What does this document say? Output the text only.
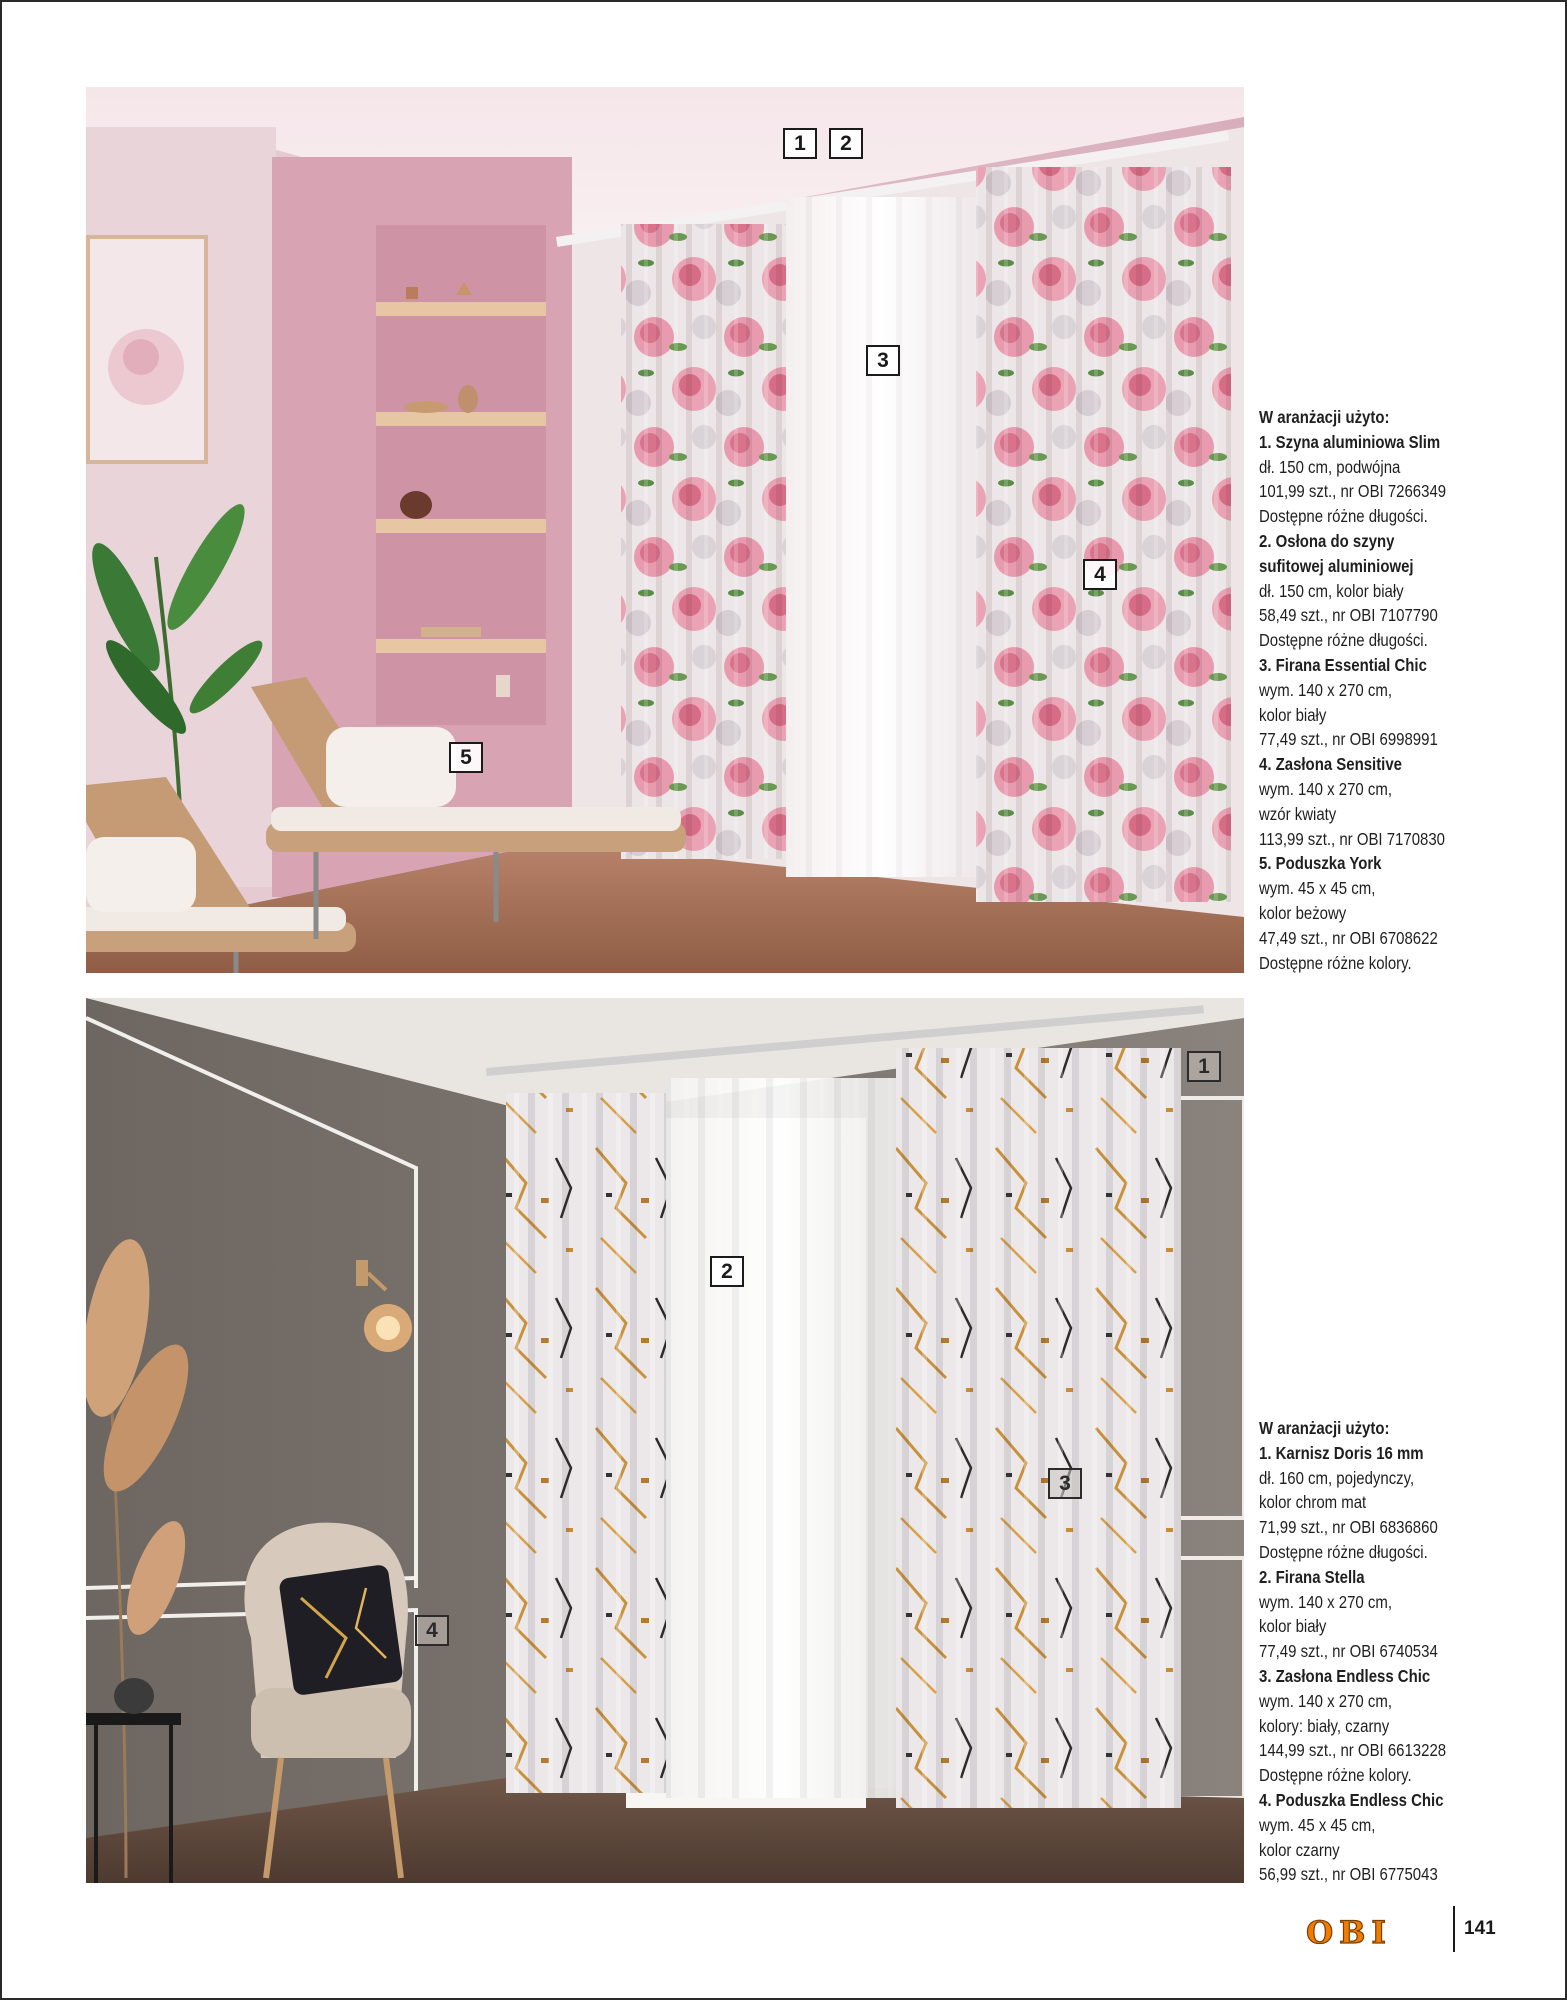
1	2
3
4
5
W aranżacji użyto:
1. Szyna aluminiowa Slim
dł. 150 cm, podwójna
101,99 szt., nr OBI 7266349
Dostępne różne długości.
2. Osłona do szyny
sufitowej aluminiowej
dł. 150 cm, kolor biały
58,49 szt., nr OBI 7107790
Dostępne różne długości.
3. Firana Essential Chic
wym. 140 x 270 cm,
kolor biały
77,49 szt., nr OBI 6998991
4. Zasłona Sensitive
wym. 140 x 270 cm,
wzór kwiaty
113,99 szt., nr OBI 7170830
5. Poduszka York
wym. 45 x 45 cm,
kolor beżowy
47,49 szt., nr OBI 6708622
Dostępne różne kolory.
1
2
3
4
W aranżacji użyto:
1. Karnisz Doris 16 mm
dł. 160 cm, pojedynczy,
kolor chrom mat
71,99 szt., nr OBI 6836860
Dostępne różne długości.
2. Firana Stella
wym. 140 x 270 cm,
kolor biały
77,49 szt., nr OBI 6740534
3. Zasłona Endless Chic
wym. 140 x 270 cm,
kolory: biały, czarny
144,99 szt., nr OBI 6613228
Dostępne różne kolory.
4. Poduszka Endless Chic
wym. 45 x 45 cm,
kolor czarny
56,99 szt., nr OBI 6775043
OBI	141
